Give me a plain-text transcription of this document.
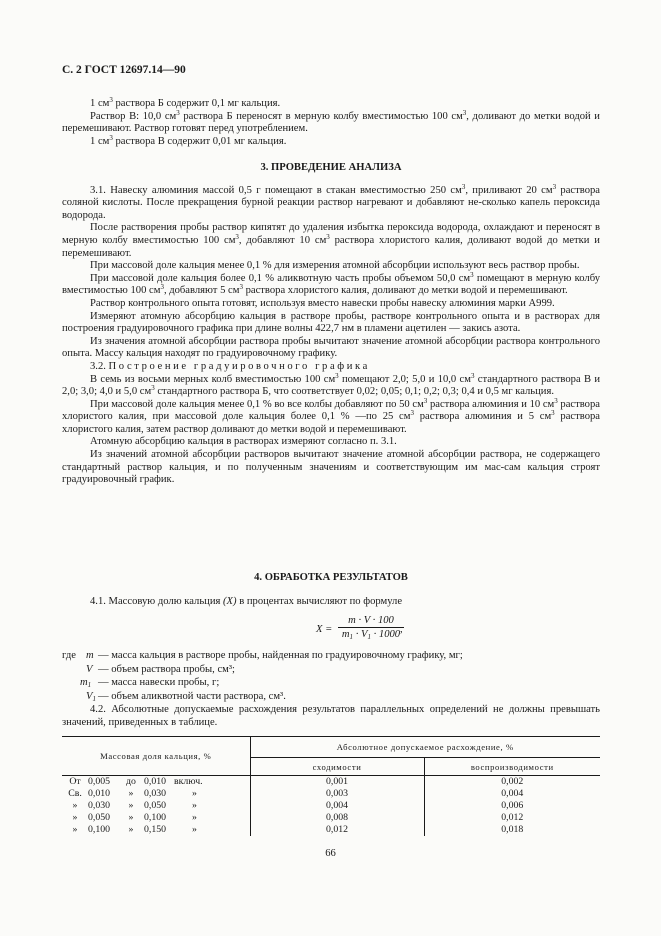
С. 2 ГОСТ 12697.14—90

1 $см^3$ раствора Б содержит 0,1 мг кальция.

Раствор В: 10,0 $см^3$ раствора Б переносят в мерную колбу вместимостью 100 $см^3$, доливают до метки водой и перемешивают. Раствор готовят перед употреблением.

1 $см^3$ раствора В содержит 0,01 мг кальция.

3. ПРОВЕДЕНИЕ АНАЛИЗА

3.1. Навеску алюминия массой 0,5 г помещают в стакан вместимостью 250 $см^3$, приливают 20 $см^3$ раствора соляной кислоты. После прекращения бурной реакции раствор нагревают и добавляют не-сколько капель пероксида водорода.

После растворения пробы раствор кипятят до удаления избытка пероксида водорода, охлаждают и переносят в мерную колбу вместимостью 100 $см^3$, добавляют 10 $см^3$ раствора хлористого калия, доливают водой до метки и перемешивают.

При массовой доле кальция менее 0,1 % для измерения атомной абсорбции используют весь раствор пробы.

При массовой доле кальция более 0,1 % аликвотную часть пробы объемом 50,0 $см^3$ помещают в мерную колбу вместимостью 100 $см^3$, добавляют 5 $см^3$ раствора хлористого калия, доливают до метки водой и перемешивают.

Раствор контрольного опыта готовят, используя вместо навески пробы навеску алюминия марки А999.

Измеряют атомную абсорбцию кальция в растворе пробы, растворе контрольного опыта и в растворах для построения градуировочного графика при длине волны 422,7 нм в пламени ацетилен — закись азота.

Из значения атомной абсорбции раствора пробы вычитают значение атомной абсорбции раствора контрольного опыта. Массу кальция находят по градуировочному графику.

3.2. Построение градуировочного графика

В семь из восьми мерных колб вместимостью 100 $см^3$ помещают 2,0; 5,0 и 10,0 $см^3$ стандартного раствора В и 2,0; 3,0; 4,0 и 5,0 $см^3$ стандартного раствора Б, что соответствует 0,02; 0,05; 0,1; 0,2; 0,3; 0,4 и 0,5 мг кальция.

При массовой доле кальция менее 0,1 % во все колбы добавляют по 50 $см^3$ раствора алюминия и 10 $см^3$ раствора хлористого калия, при массовой доле кальция более 0,1 % —по 25 $см^3$ раствора алюминия и 5 $см^3$ раствора хлористого калия, затем раствор доливают до метки водой и перемешивают.

Атомную абсорбцию кальция в растворах измеряют согласно п. 3.1.

Из значений атомной абсорбции растворов вычитают значение атомной абсорбции раствора, не содержащего стандартный раствор кальция, и по полученным значениям и соответствующим им мас-сам кальция строят градуировочный график.

4. ОБРАБОТКА РЕЗУЛЬТАТОВ

4.1. Массовую долю кальция (X) в процентах вычисляют по формуле

$X = \frac{m \cdot V \cdot 100}{m_1 \cdot V_1 \cdot 1000}$
,
где m — масса кальция в растворе пробы, найденная по градуировочному графику, мг;
V — объем раствора пробы, см³;
$m_1$ — масса навески пробы, г;
$V_1$ — объем аликвотной части раствора, см³.

4.2. Абсолютные допускаемые расхождения результатов параллельных определений не должны превышать значений, приведенных в таблице.

Массовая доля кальция, %					Абсолютное допускаемое расхождение, %	
					сходимости	воспроизводимости
От	0,005	до	0,010	включ.	0,001	0,002
Св.	0,010	»	0,030	»	0,003	0,004
»	0,030	»	0,050	»	0,004	0,006
»	0,050	»	0,100	»	0,008	0,012
»	0,100	»	0,150	»	0,012	0,018
66
